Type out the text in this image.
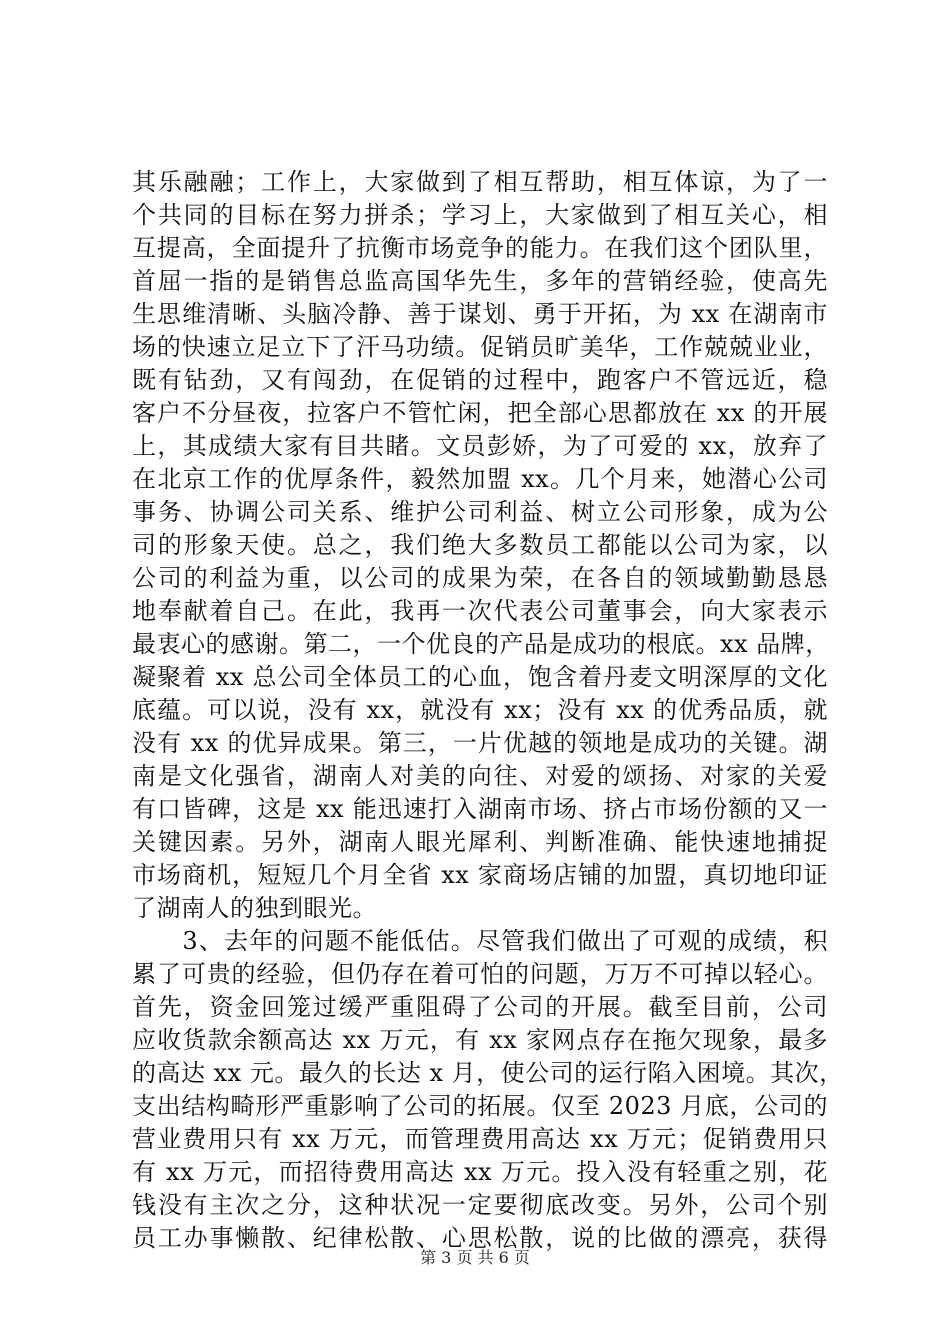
其乐融融；工作上，大家做到了相互帮助，相互体谅，为了一
个共同的目标在努力拼杀；学习上，大家做到了相互关心，相
互提高，全面提升了抗衡市场竞争的能力。在我们这个团队里，
首屈一指的是销售总监高国华先生，多年的营销经验，使高先
生思维清晰、头脑冷静、善于谋划、勇于开拓，为 xx 在湖南市
场的快速立足立下了汗马功绩。促销员旷美华，工作兢兢业业，
既有钻劲，又有闯劲，在促销的过程中，跑客户不管远近，稳
客户不分昼夜，拉客户不管忙闲，把全部心思都放在 xx 的开展
上，其成绩大家有目共睹。文员彭娇，为了可爱的 xx，放弃了
在北京工作的优厚条件，毅然加盟 xx。几个月来，她潜心公司
事务、协调公司关系、维护公司利益、树立公司形象，成为公
司的形象天使。总之，我们绝大多数员工都能以公司为家，以
公司的利益为重，以公司的成果为荣，在各自的领域勤勤恳恳
地奉献着自己。在此，我再一次代表公司董事会，向大家表示
最衷心的感谢。第二，一个优良的产品是成功的根底。xx 品牌，
凝聚着 xx 总公司全体员工的心血，饱含着丹麦文明深厚的文化
底蕴。可以说，没有 xx，就没有 xx；没有 xx 的优秀品质，就
没有 xx 的优异成果。第三，一片优越的领地是成功的关键。湖
南是文化强省，湖南人对美的向往、对爱的颂扬、对家的关爱
有口皆碑，这是 xx 能迅速打入湖南市场、挤占市场份额的又一
关键因素。另外，湖南人眼光犀利、判断准确、能快速地捕捉
市场商机，短短几个月全省 xx 家商场店铺的加盟，真切地印证
了湖南人的独到眼光。
　　3、去年的问题不能低估。尽管我们做出了可观的成绩，积
累了可贵的经验，但仍存在着可怕的问题，万万不可掉以轻心。
首先，资金回笼过缓严重阻碍了公司的开展。截至目前，公司
应收货款余额高达 xx 万元，有 xx 家网点存在拖欠现象，最多
的高达 xx 元。最久的长达 x 月，使公司的运行陷入困境。其次，
支出结构畸形严重影响了公司的拓展。仅至 2023 月底，公司的
营业费用只有 xx 万元，而管理费用高达 xx 万元；促销费用只
有 xx 万元，而招待费用高达 xx 万元。投入没有轻重之别，花
钱没有主次之分，这种状况一定要彻底改变。另外，公司个别
员工办事懒散、纪律松散、心思松散，说的比做的漂亮，获得
第 3 页 共 6 页
